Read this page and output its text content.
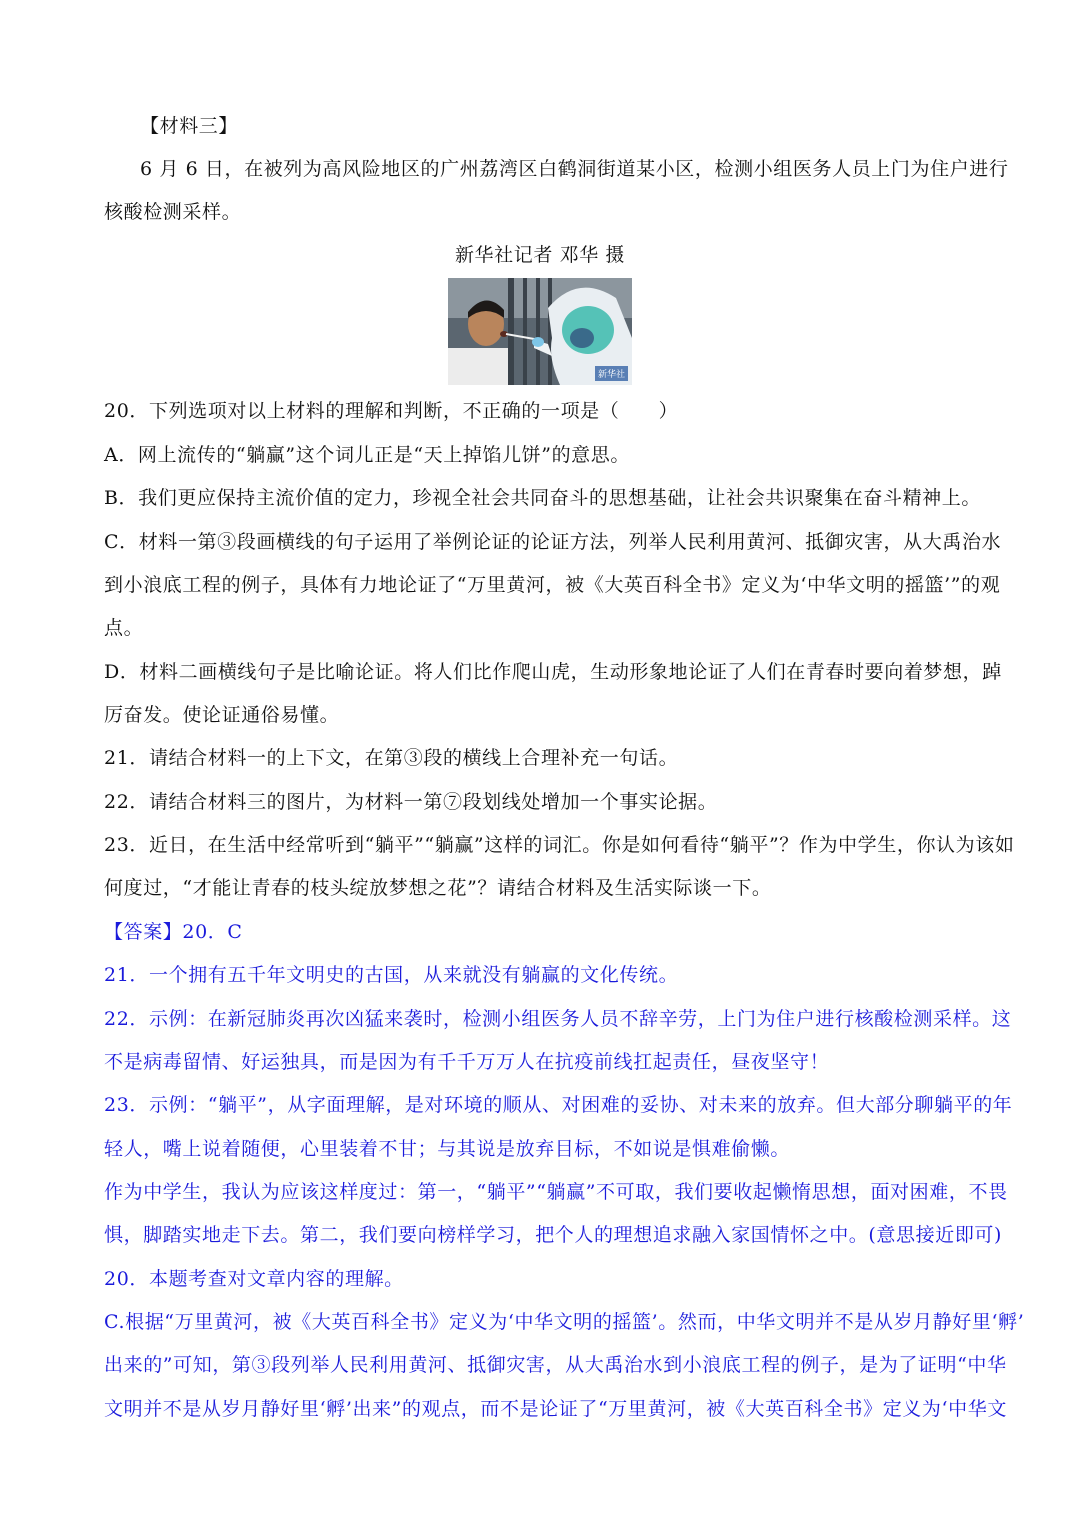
【材料三】
6 月 6 日，在被列为高风险地区的广州荔湾区白鹤洞街道某小区，检测小组医务人员上门为住户进行
核酸检测采样。
新华社记者 邓华 摄
新华社
20．下列选项对以上材料的理解和判断，不正确的一项是（　　）
A．网上流传的“躺赢”这个词儿正是“天上掉馅儿饼”的意思。
B．我们更应保持主流价值的定力，珍视全社会共同奋斗的思想基础，让社会共识聚集在奋斗精神上。
C．材料一第③段画横线的句子运用了举例论证的论证方法，列举人民利用黄河、抵御灾害，从大禹治水
到小浪底工程的例子，具体有力地论证了“万里黄河，被《大英百科全书》定义为‘中华文明的摇篮’”的观
点。
D．材料二画横线句子是比喻论证。将人们比作爬山虎，生动形象地论证了人们在青春时要向着梦想，踔
厉奋发。使论证通俗易懂。
21．请结合材料一的上下文，在第③段的横线上合理补充一句话。
22．请结合材料三的图片，为材料一第⑦段划线处增加一个事实论据。
23．近日，在生活中经常听到“躺平”“躺赢”这样的词汇。你是如何看待“躺平”？作为中学生，你认为该如
何度过，“才能让青春的枝头绽放梦想之花”？请结合材料及生活实际谈一下。
【答案】20．C
21．一个拥有五千年文明史的古国，从来就没有躺赢的文化传统。
22．示例：在新冠肺炎再次凶猛来袭时，检测小组医务人员不辞辛劳，上门为住户进行核酸检测采样。这
不是病毒留情、好运独具，而是因为有千千万万人在抗疫前线扛起责任，昼夜坚守！
23．示例：“躺平”，从字面理解，是对环境的顺从、对困难的妥协、对未来的放弃。但大部分聊躺平的年
轻人，嘴上说着随便，心里装着不甘；与其说是放弃目标，不如说是惧难偷懒。
作为中学生，我认为应该这样度过：第一，“躺平”“躺赢”不可取，我们要收起懒惰思想，面对困难，不畏
惧，脚踏实地走下去。第二，我们要向榜样学习，把个人的理想追求融入家国情怀之中。(意思接近即可)
20．本题考查对文章内容的理解。
C.根据“万里黄河，被《大英百科全书》定义为‘中华文明的摇篮’。然而，中华文明并不是从岁月静好里‘孵’
出来的”可知，第③段列举人民利用黄河、抵御灾害，从大禹治水到小浪底工程的例子，是为了证明“中华
文明并不是从岁月静好里‘孵’出来”的观点，而不是论证了“万里黄河，被《大英百科全书》定义为‘中华文
